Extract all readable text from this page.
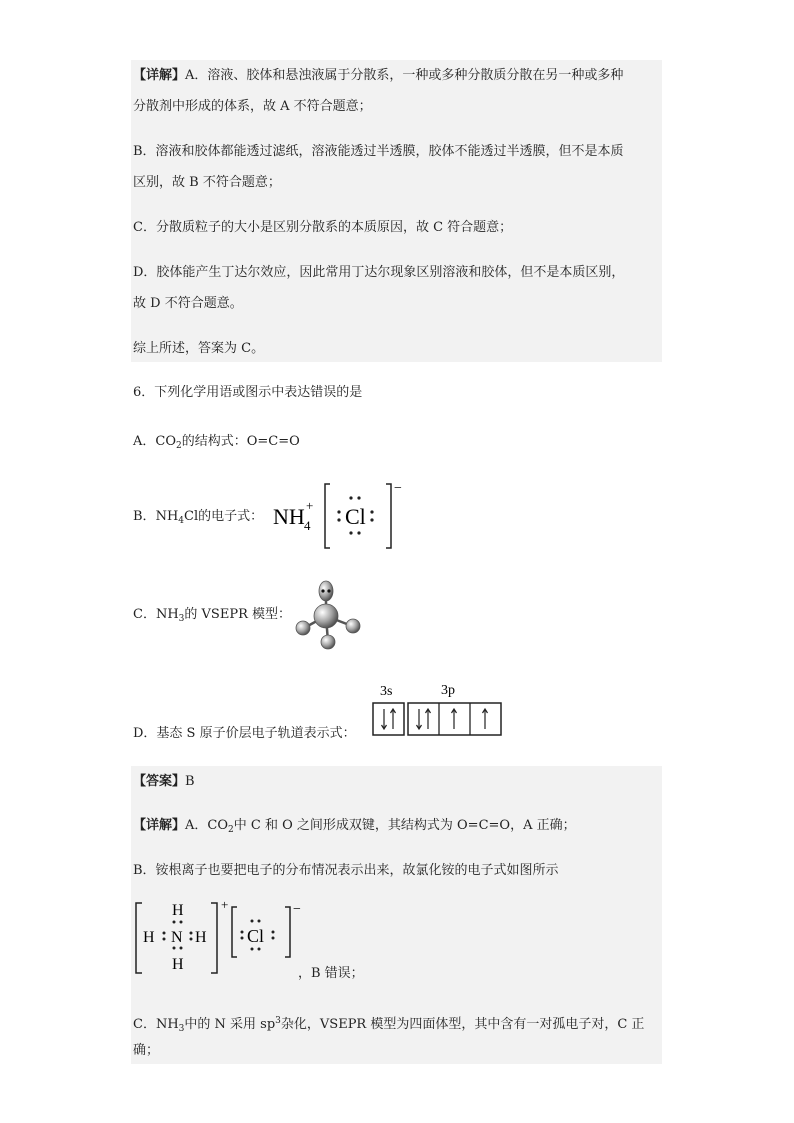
【详解】A．溶液、胶体和悬浊液属于分散系，一种或多种分散质分散在另一种或多种
分散剂中形成的体系，故 A 不符合题意；
B．溶液和胶体都能透过滤纸，溶液能透过半透膜，胶体不能透过半透膜，但不是本质
区别，故 B 不符合题意；
C．分散质粒子的大小是区别分散系的本质原因，故 C 符合题意；
D．胶体能产生丁达尔效应，因此常用丁达尔现象区别溶液和胶体，但不是本质区别，
故 D 不符合题意。
综上所述，答案为 C。
6．下列化学用语或图示中表达错误的是
A．$CO_2$的结构式：O=C=O
B．$NH_4Cl$的电子式： NH 4
+
−
Cl
C．$NH_3$的 VSEPR 模型：
D．基态 S 原子价层电子轨道表示式：
3s	3p
【答案】B
【详解】A．$CO_2$中 C 和 O 之间形成双键，其结构式为 O=C=O，A 正确；
B．铵根离子也要把电子的分布情况表示出来，故氯化铵的电子式如图所示
+
H
H N H
H
−
Cl
，B 错误；
C．$NH_3$中的 N 采用 $sp^3$杂化，VSEPR 模型为四面体型，其中含有一对孤电子对，C 正
确；
